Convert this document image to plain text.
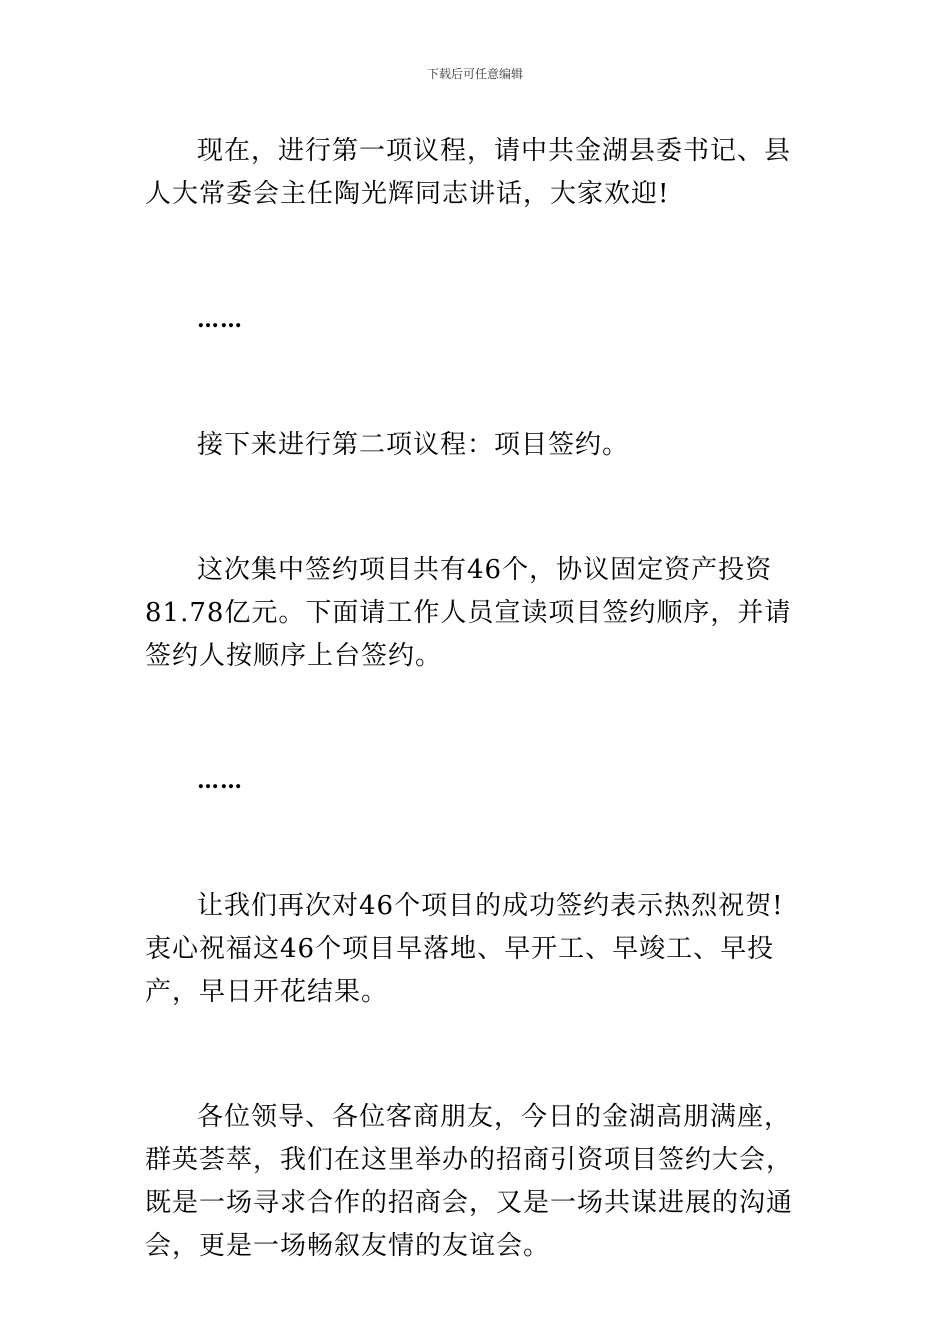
下载后可任意编辑

现在，进行第一项议程，请中共金湖县委书记、县人大常委会主任陶光辉同志讲话，大家欢迎!

……

接下来进行第二项议程：项目签约。

这次集中签约项目共有46个，协议固定资产投资81.78亿元。下面请工作人员宣读项目签约顺序，并请签约人按顺序上台签约。

……

让我们再次对46个项目的成功签约表示热烈祝贺!衷心祝福这46个项目早落地、早开工、早竣工、早投产，早日开花结果。

各位领导、各位客商朋友，今日的金湖高朋满座，群英荟萃，我们在这里举办的招商引资项目签约大会，既是一场寻求合作的招商会，又是一场共谋进展的沟通会，更是一场畅叙友情的友谊会。
